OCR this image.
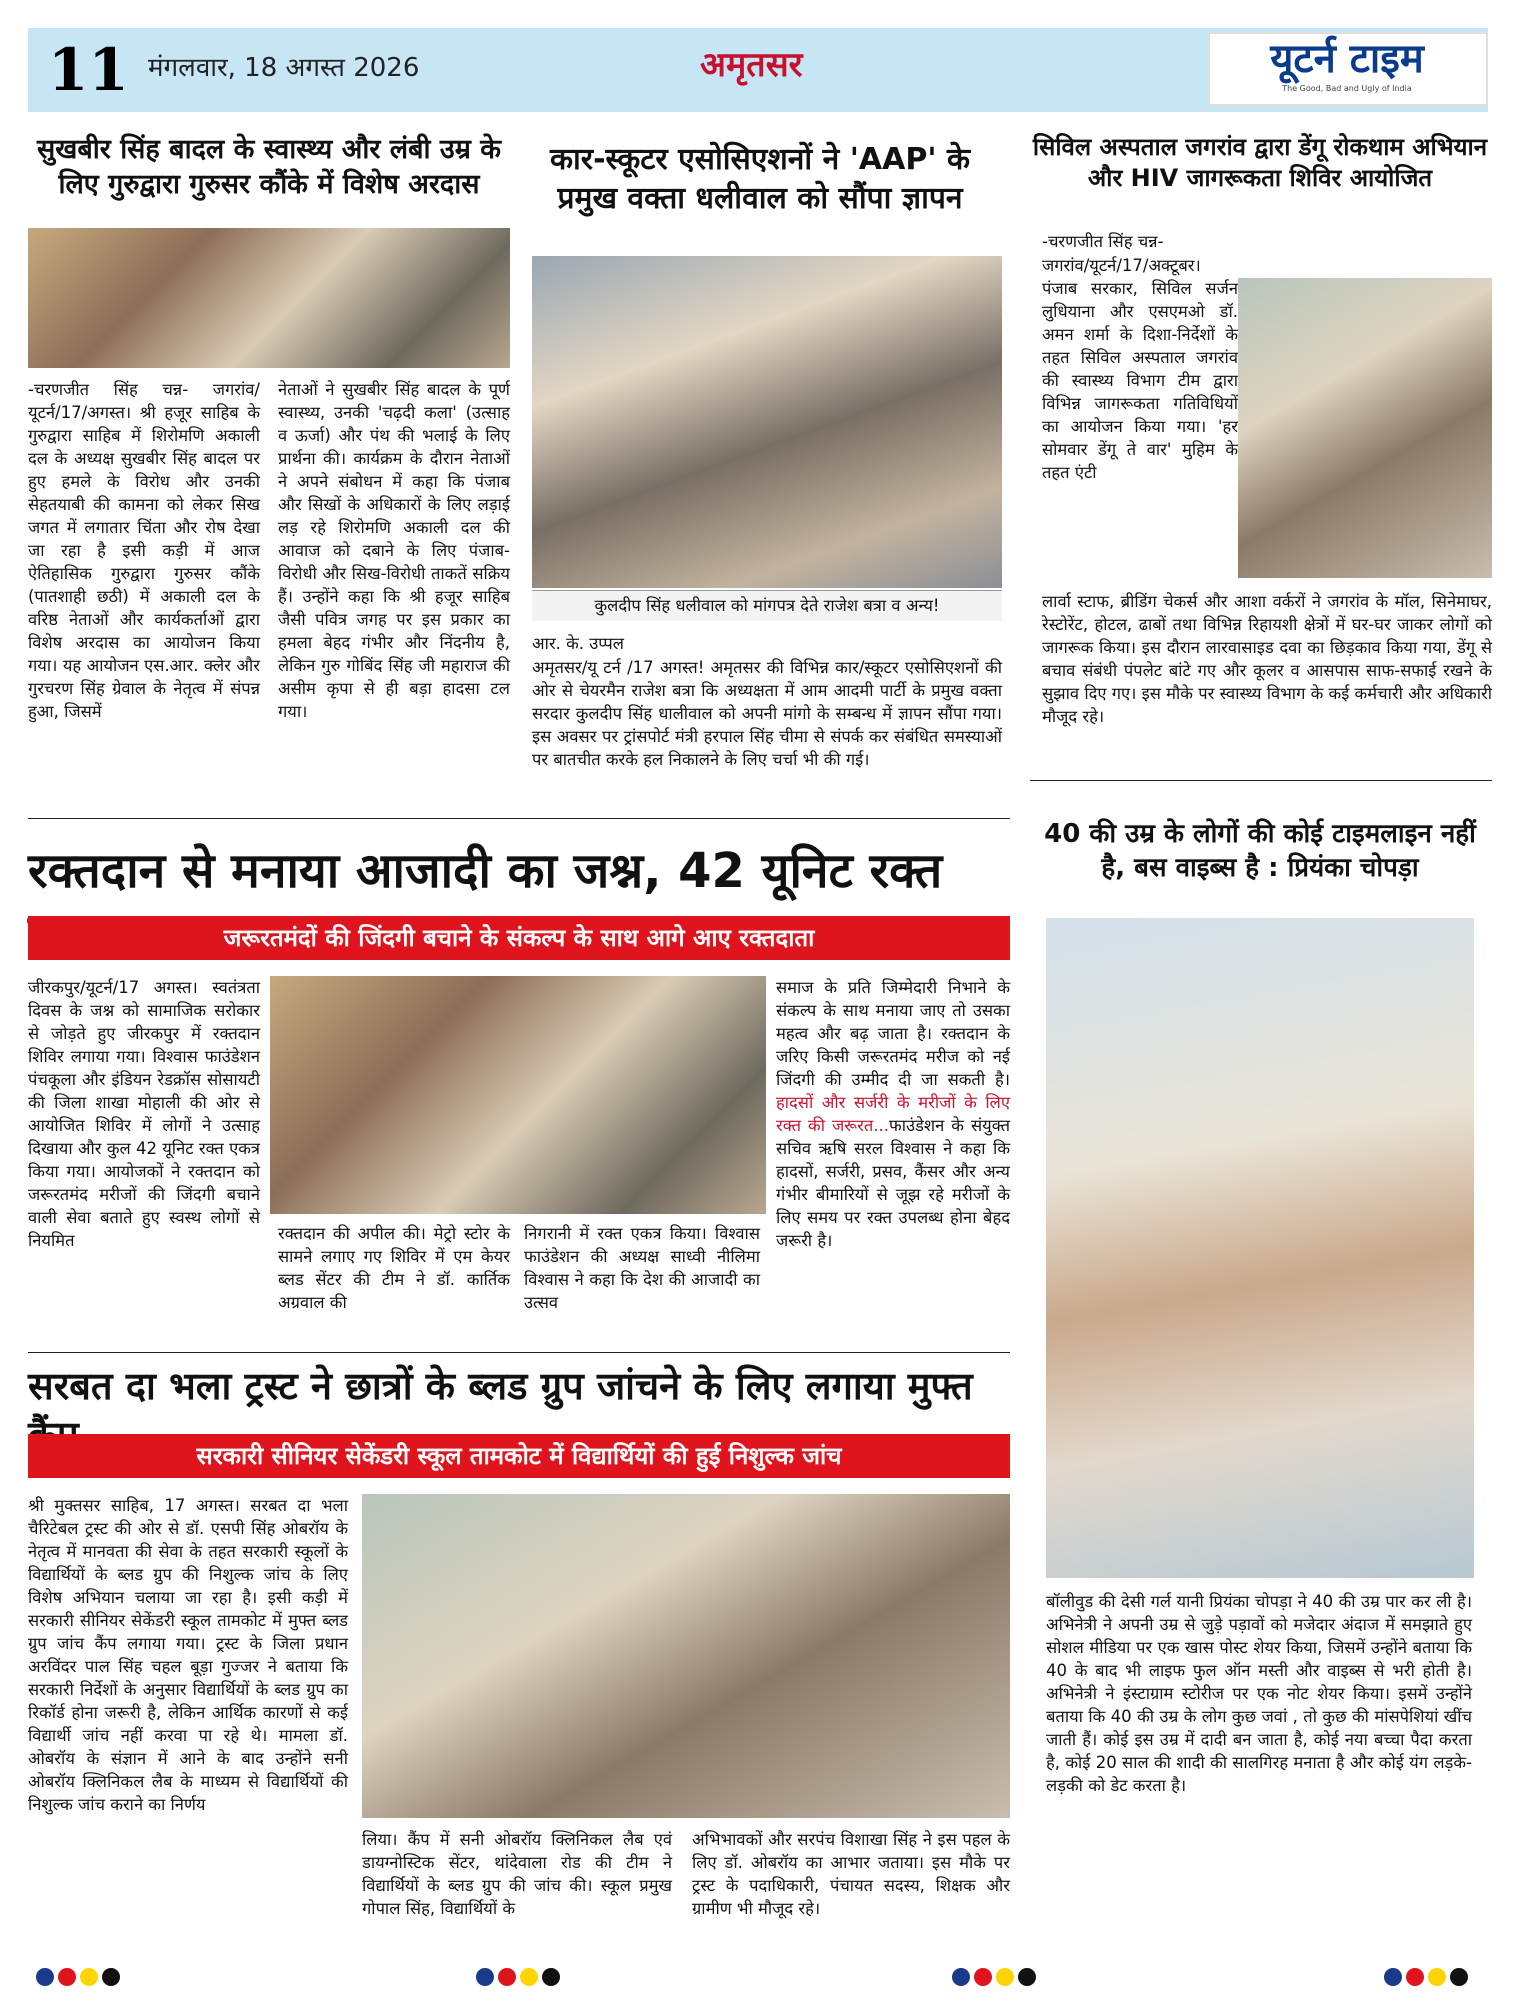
11 मंगलवार, 18 अगस्त 2026	अमृतसर	यूटर्न टाइम
The Good, Bad and Ugly of India
सुखबीर सिंह बादल के स्वास्थ्य और लंबी उम्र के लिए गुरुद्वारा गुरुसर कौंके में विशेष अरदास
-चरणजीत सिंह चन्न- जगरांव/यूटर्न/17/अगस्त। श्री हजूर साहिब के गुरुद्वारा साहिब में शिरोमणि अकाली दल के अध्यक्ष सुखबीर सिंह बादल पर हुए हमले के विरोध और उनकी सेहतयाबी की कामना को लेकर सिख जगत में लगातार चिंता और रोष देखा जा रहा है इसी कड़ी में आज ऐतिहासिक गुरुद्वारा गुरुसर कौंके (पातशाही छठी) में अकाली दल के वरिष्ठ नेताओं और कार्यकर्ताओं द्वारा विशेष अरदास का आयोजन किया गया। यह आयोजन एस.आर. क्लेर और गुरचरण सिंह ग्रेवाल के नेतृत्व में संपन्न हुआ, जिसमें
नेताओं ने सुखबीर सिंह बादल के पूर्ण स्वास्थ्य, उनकी 'चढ़दी कला' (उत्साह व ऊर्जा) और पंथ की भलाई के लिए प्रार्थना की। कार्यक्रम के दौरान नेताओं ने अपने संबोधन में कहा कि पंजाब और सिखों के अधिकारों के लिए लड़ाई लड़ रहे शिरोमणि अकाली दल की आवाज को दबाने के लिए पंजाब-विरोधी और सिख-विरोधी ताकतें सक्रिय हैं। उन्होंने कहा कि श्री हजूर साहिब जैसी पवित्र जगह पर इस प्रकार का हमला बेहद गंभीर और निंदनीय है, लेकिन गुरु गोबिंद सिंह जी महाराज की असीम कृपा से ही बड़ा हादसा टल गया।
कार-स्कूटर एसोसिएशनों ने 'AAP' के प्रमुख वक्ता धलीवाल को सौंपा ज्ञापन
कुलदीप सिंह धलीवाल को मांगपत्र देते राजेश बत्रा व अन्य!
आर. के. उप्पल
अमृतसर/यू टर्न /17 अगस्त! अमृतसर की विभिन्न कार/स्कूटर एसोसिएशनों की ओर से चेयरमैन राजेश बत्रा कि अध्यक्षता में आम आदमी पार्टी के प्रमुख वक्ता सरदार कुलदीप सिंह धालीवाल को अपनी मांगो के सम्बन्ध में ज्ञापन सौंपा गया। इस अवसर पर ट्रांसपोर्ट मंत्री हरपाल सिंह चीमा से संपर्क कर संबंधित समस्याओं पर बातचीत करके हल निकालने के लिए चर्चा भी की गई।
सिविल अस्पताल जगरांव द्वारा डेंगू रोकथाम अभियान और HIV जागरूकता शिविर आयोजित
-चरणजीत सिंह चन्न-
जगरांव/यूटर्न/17/अक्टूबर। पंजाब सरकार, सिविल सर्जन लुधियाना और एसएमओ डॉ. अमन शर्मा के दिशा-निर्देशों के तहत सिविल अस्पताल जगरांव की स्वास्थ्य विभाग टीम द्वारा विभिन्न जागरूकता गतिविधियों का आयोजन किया गया। 'हर सोमवार डेंगू ते वार' मुहिम के तहत एंटी
लार्वा स्टाफ, ब्रीडिंग चेकर्स और आशा वर्करों ने जगरांव के मॉल, सिनेमाघर, रेस्टोरेंट, होटल, ढाबों तथा विभिन्न रिहायशी क्षेत्रों में घर-घर जाकर लोगों को जागरूक किया। इस दौरान लारवासाइड दवा का छिड़काव किया गया, डेंगू से बचाव संबंधी पंपलेट बांटे गए और कूलर व आसपास साफ-सफाई रखने के सुझाव दिए गए। इस मौके पर स्वास्थ्य विभाग के कई कर्मचारी और अधिकारी मौजूद रहे।
रक्तदान से मनाया आजादी का जश्न, 42 यूनिट रक्त
जरूरतमंदों की जिंदगी बचाने के संकल्प के साथ आगे आए रक्तदाता
जीरकपुर/यूटर्न/17 अगस्त। स्वतंत्रता दिवस के जश्न को सामाजिक सरोकार से जोड़ते हुए जीरकपुर में रक्तदान शिविर लगाया गया। विश्वास फाउंडेशन पंचकूला और इंडियन रेडक्रॉस सोसायटी की जिला शाखा मोहाली की ओर से आयोजित शिविर में लोगों ने उत्साह दिखाया और कुल 42 यूनिट रक्त एकत्र किया गया। आयोजकों ने रक्तदान को जरूरतमंद मरीजों की जिंदगी बचाने वाली सेवा बताते हुए स्वस्थ लोगों से नियमित	रक्तदान की अपील की। मेट्रो स्टोर के सामने लगाए गए शिविर में एम केयर ब्लड सेंटर की टीम ने डॉ. कार्तिक अग्रवाल की
निगरानी में रक्त एकत्र किया। विश्वास फाउंडेशन की अध्यक्ष साध्वी नीलिमा विश्वास ने कहा कि देश की आजादी का उत्सव
समाज के प्रति जिम्मेदारी निभाने के संकल्प के साथ मनाया जाए तो उसका महत्व और बढ़ जाता है। रक्तदान के जरिए किसी जरूरतमंद मरीज को नई जिंदगी की उम्मीद दी जा सकती है। हादसों और सर्जरी के मरीजों के लिए रक्त की जरूरत...फाउंडेशन के संयुक्त सचिव ऋषि सरल विश्वास ने कहा कि हादसों, सर्जरी, प्रसव, कैंसर और अन्य गंभीर बीमारियों से जूझ रहे मरीजों के लिए समय पर रक्त उपलब्ध होना बेहद जरूरी है।
40 की उम्र के लोगों की कोई टाइमलाइन नहीं है, बस वाइब्स है : प्रियंका चोपड़ा
बॉलीवुड की देसी गर्ल यानी प्रियंका चोपड़ा ने 40 की उम्र पार कर ली है। अभिनेत्री ने अपनी उम्र से जुड़े पड़ावों को मजेदार अंदाज में समझाते हुए सोशल मीडिया पर एक खास पोस्ट शेयर किया, जिसमें उन्होंने बताया कि 40 के बाद भी लाइफ फुल ऑन मस्ती और वाइब्स से भरी होती है। अभिनेत्री ने इंस्टाग्राम स्टोरीज पर एक नोट शेयर किया। इसमें उन्होंने बताया कि 40 की उम्र के लोग कुछ जवां , तो कुछ की मांसपेशियां खींच जाती हैं। कोई इस उम्र में दादी बन जाता है, कोई नया बच्चा पैदा करता है, कोई 20 साल की शादी की सालगिरह मनाता है और कोई यंग लड़के-लड़की को डेट करता है।
सरबत दा भला ट्रस्ट ने छात्रों के ब्लड ग्रुप जांचने के लिए लगाया मुफ्त
सरकारी सीनियर सेकेंडरी स्कूल तामकोट में विद्यार्थियों की हुई निशुल्क जांच
श्री मुक्तसर साहिब, 17 अगस्त। सरबत दा भला चैरिटेबल ट्रस्ट की ओर से डॉ. एसपी सिंह ओबरॉय के नेतृत्व में मानवता की सेवा के तहत सरकारी स्कूलों के विद्यार्थियों के ब्लड ग्रुप की निशुल्क जांच के लिए विशेष अभियान चलाया जा रहा है। इसी कड़ी में सरकारी सीनियर सेकेंडरी स्कूल तामकोट में मुफ्त ब्लड ग्रुप जांच कैंप लगाया गया। ट्रस्ट के जिला प्रधान अरविंदर पाल सिंह चहल बूड़ा गुज्जर ने बताया कि सरकारी निर्देशों के अनुसार विद्यार्थियों के ब्लड ग्रुप का रिकॉर्ड होना जरूरी है, लेकिन आर्थिक कारणों से कई विद्यार्थी जांच नहीं करवा पा रहे थे। मामला डॉ. ओबरॉय के संज्ञान में आने के बाद उन्होंने सनी ओबरॉय क्लिनिकल लैब के माध्यम से विद्यार्थियों की निशुल्क जांच कराने का निर्णय
लिया। कैंप में सनी ओबरॉय क्लिनिकल लैब एवं डायग्नोस्टिक सेंटर, थांदेवाला रोड की टीम ने विद्यार्थियों के ब्लड ग्रुप की जांच की। स्कूल प्रमुख गोपाल सिंह, विद्यार्थियों के
अभिभावकों और सरपंच विशाखा सिंह ने इस पहल के लिए डॉ. ओबरॉय का आभार जताया। इस मौके पर ट्रस्ट के पदाधिकारी, पंचायत सदस्य, शिक्षक और ग्रामीण भी मौजूद रहे।
